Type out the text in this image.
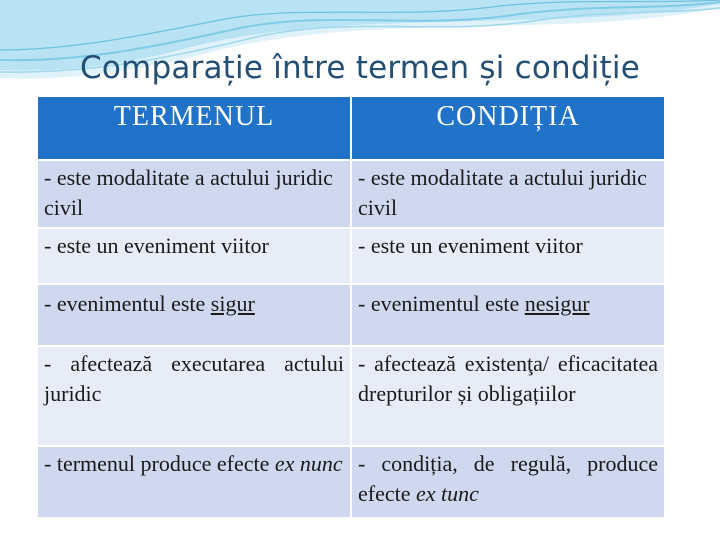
Comparație între termen și condiție
TERMENUL	CONDIȚIA
- este modalitate a actului juridic civil	- este modalitate a actului juridic civil
- este un eveniment viitor	- este un eveniment viitor
- evenimentul este sigur	- evenimentul este nesigur
- afectează executarea actului juridic	- afectează existenţa/ eficacitatea drepturilor și obligațiilor
- termenul produce efecte ex nunc	- condiția, de regulă, produce efecte ex tunc
